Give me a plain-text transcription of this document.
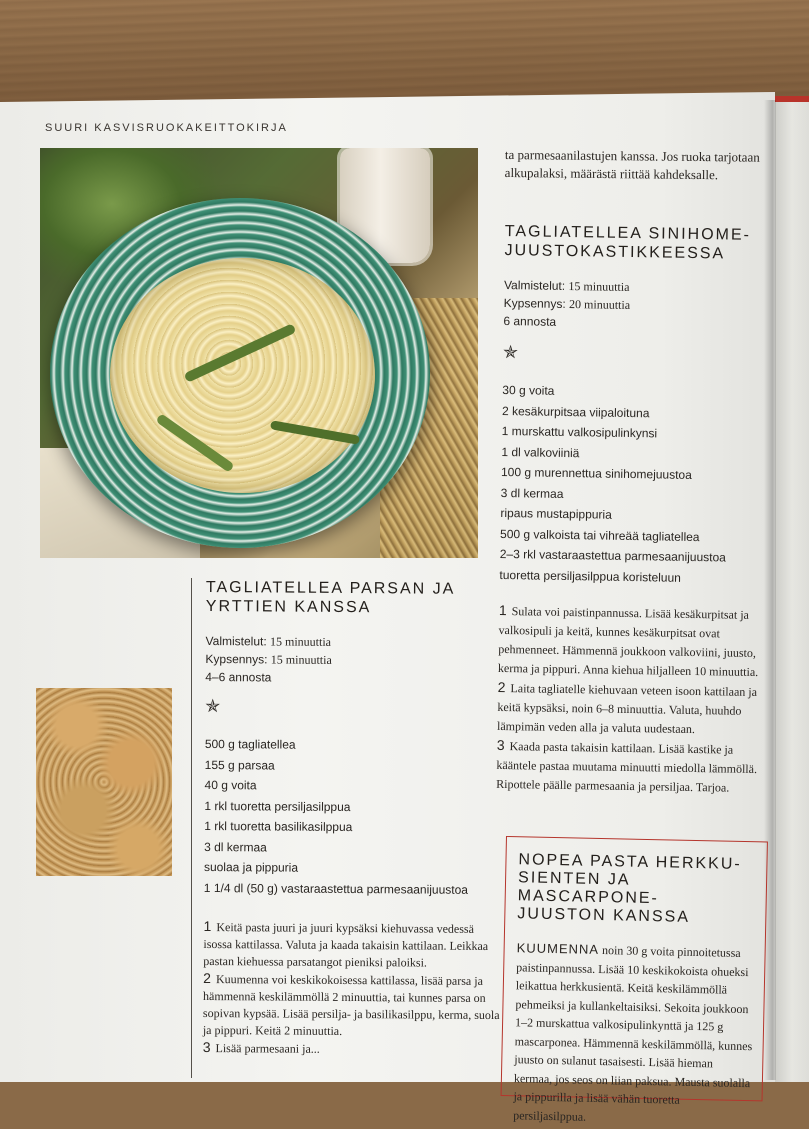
SUURI KASVISRUOKAKEITTOKIRJA

ta parmesaanilastujen kanssa. Jos ruoka tarjotaan

alkupalaksi, määrästä riittää kahdeksalle.

TAGLIATELLEA SINIHOME-
JUUSTOKASTIKKEESSA

Valmistelut: 15 minuuttia

Kypsennys: 20 minuuttia

6 annosta

✯
30 g voita
2 kesäkurpitsaa viipaloituna
1 murskattu valkosipulinkynsi
1 dl valkoviiniä
100 g murennettua sinihomejuustoa
3 dl kermaa
ripaus mustapippuria
500 g valkoista tai vihreää tagliatellea
2–3 rkl vastaraastettua parmesaanijuustoa
tuoretta persiljasilppua koristeluun

1 Sulata voi paistinpannussa. Lisää kesäkurpitsat ja valkosipuli ja keitä, kunnes kesäkurpitsat ovat pehmenneet. Hämmennä joukkoon valkoviini, juusto, kerma ja pippuri. Anna kiehua hiljalleen 10 minuuttia.

2 Laita tagliatelle kiehuvaan veteen isoon kattilaan ja keitä kypsäksi, noin 6–8 minuuttia. Valuta, huuhdo lämpimän veden alla ja valuta uudestaan.

3 Kaada pasta takaisin kattilaan. Lisää kastike ja kääntele pastaa muutama minuutti miedolla lämmöllä. Ripottele päälle parmesaania ja persiljaa. Tarjoa.

TAGLIATELLEA PARSAN JA
YRTTIEN KANSSA

Valmistelut: 15 minuuttia

Kypsennys: 15 minuuttia

4–6 annosta

✯
500 g tagliatellea
155 g parsaa
40 g voita
1 rkl tuoretta persiljasilppua
1 rkl tuoretta basilikasilppua
3 dl kermaa
suolaa ja pippuria
1 1/4 dl (50 g) vastaraastettua parmesaanijuustoa

1 Keitä pasta juuri ja juuri kypsäksi kiehuvassa vedessä isossa kattilassa. Valuta ja kaada takaisin kattilaan. Leikkaa pastan kiehuessa parsatangot pieniksi paloiksi.

2 Kuumenna voi keskikokoisessa kattilassa, lisää parsa ja hämmennä keskilämmöllä 2 minuuttia, tai kunnes parsa on sopivan kypsää. Lisää persilja- ja basilikasilppu, kerma, suola ja pippuri. Keitä 2 minuuttia.

3 Lisää parmesaani ja...

NOPEA PASTA HERKKU-
SIENTEN JA MASCARPONE-
JUUSTON KANSSA

KUUMENNA noin 30 g voita pinnoitetussa paistinpannussa. Lisää 10 keskikokoista ohueksi leikattua herkkusientä. Keitä keskilämmöllä pehmeiksi ja kullankeltaisiksi. Sekoita joukkoon 1–2 murskattua valkosipulinkynttä ja 125 g mascarponea. Hämmennä keskilämmöllä, kunnes juusto on sulanut tasaisesti. Lisää hieman kermaa, jos seos on liian paksua. Mausta suolalla ja pippurilla ja lisää vähän tuoretta persiljasilppua.
